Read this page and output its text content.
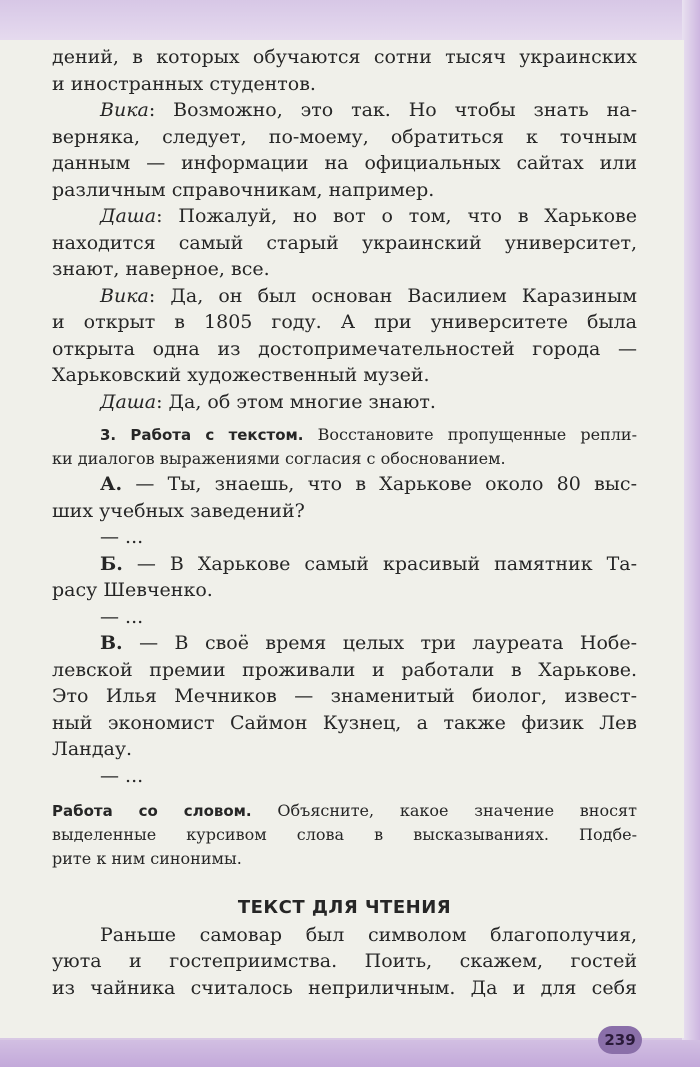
дений, в которых обучаются сотни тысяч украинских
и иностранных студентов.
Вика: Возможно, это так. Но чтобы знать на-
верняка, следует, по-моему, обратиться к точным
данным — информации на официальных сайтах или
различным справочникам, например.
Даша: Пожалуй, но вот о том, что в Харькове
находится самый старый украинский университет,
знают, наверное, все.
Вика: Да, он был основан Василием Каразиным
и открыт в 1805 году. А при университете была
открыта одна из достопримечательностей города —
Харьковский художественный музей.
Даша: Да, об этом многие знают.
3. Работа с текстом. Восстановите пропущенные репли-
ки диалогов выражениями согласия с обоснованием.
А. — Ты, знаешь, что в Харькове около 80 выс-
ших учебных заведений?
— ...
Б. — В Харькове самый красивый памятник Та-
расу Шевченко.
— ...
В. — В своё время целых три лауреата Нобе-
левской премии проживали и работали в Харькове.
Это Илья Мечников — знаменитый биолог, извест-
ный экономист Саймон Кузнец, а также физик Лев
Ландау.
— ...
Работа со словом. Объясните, какое значение вносят
выделенные курсивом слова в высказываниях. Подбе-
рите к ним синонимы.
ТЕКСТ ДЛЯ ЧТЕНИЯ
Раньше самовар был символом благополучия,
уюта и гостеприимства. Поить, скажем, гостей
из чайника считалось неприличным. Да и для себя
239
